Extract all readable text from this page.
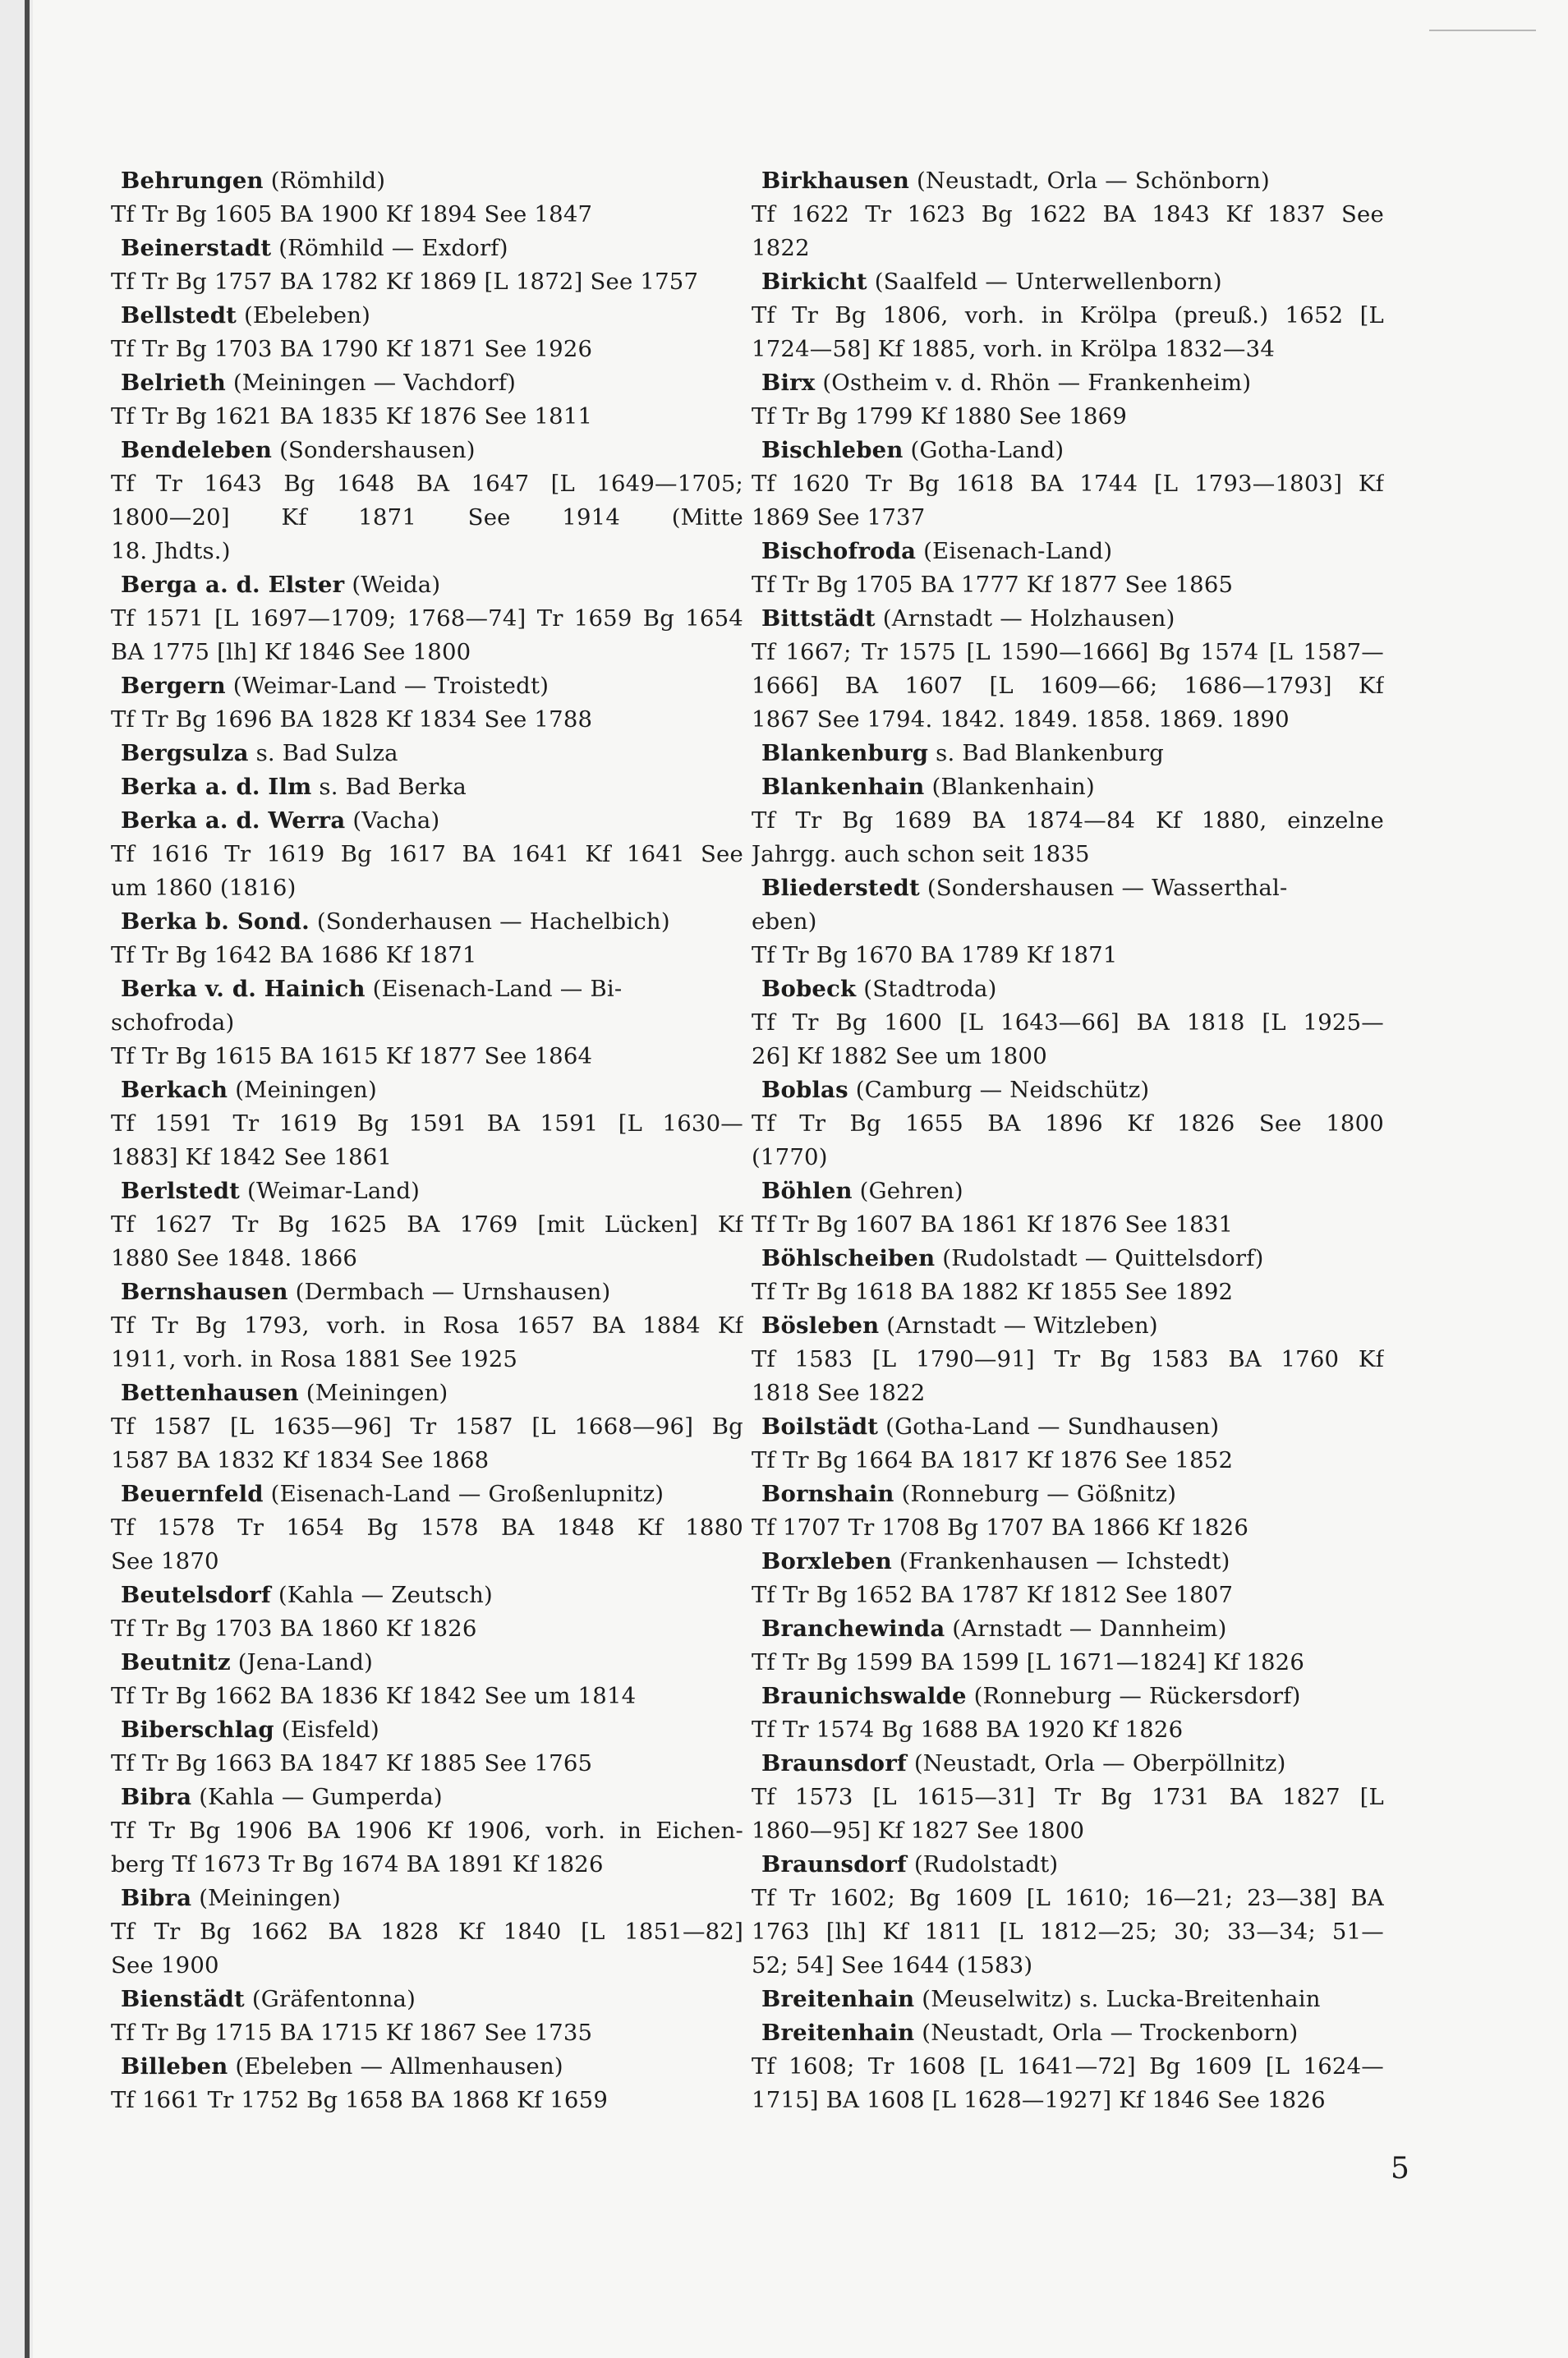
Behrungen (Römhild)
Tf Tr Bg 1605 BA 1900 Kf 1894 See 1847
Beinerstadt (Römhild — Exdorf)
Tf Tr Bg 1757 BA 1782 Kf 1869 [L 1872] See 1757
Bellstedt (Ebeleben)
Tf Tr Bg 1703 BA 1790 Kf 1871 See 1926
Belrieth (Meiningen — Vachdorf)
Tf Tr Bg 1621 BA 1835 Kf 1876 See 1811
Bendeleben (Sondershausen)
Tf Tr 1643 Bg 1648 BA 1647 [L 1649—1705;
1800—20] Kf 1871 See 1914 (Mitte
18. Jhdts.)
Berga a. d. Elster (Weida)
Tf 1571 [L 1697—1709; 1768—74] Tr 1659 Bg 1654
BA 1775 [lh] Kf 1846 See 1800
Bergern (Weimar-Land — Troistedt)
Tf Tr Bg 1696 BA 1828 Kf 1834 See 1788
Bergsulza s. Bad Sulza
Berka a. d. Ilm s. Bad Berka
Berka a. d. Werra (Vacha)
Tf 1616 Tr 1619 Bg 1617 BA 1641 Kf 1641 See
um 1860 (1816)
Berka b. Sond. (Sonderhausen — Hachelbich)
Tf Tr Bg 1642 BA 1686 Kf 1871
Berka v. d. Hainich (Eisenach-Land — Bi-
schofroda)
Tf Tr Bg 1615 BA 1615 Kf 1877 See 1864
Berkach (Meiningen)
Tf 1591 Tr 1619 Bg 1591 BA 1591 [L 1630—
1883] Kf 1842 See 1861
Berlstedt (Weimar-Land)
Tf 1627 Tr Bg 1625 BA 1769 [mit Lücken] Kf
1880 See 1848. 1866
Bernshausen (Dermbach — Urnshausen)
Tf Tr Bg 1793, vorh. in Rosa 1657 BA 1884 Kf
1911, vorh. in Rosa 1881 See 1925
Bettenhausen (Meiningen)
Tf 1587 [L 1635—96] Tr 1587 [L 1668—96] Bg
1587 BA 1832 Kf 1834 See 1868
Beuernfeld (Eisenach-Land — Großenlupnitz)
Tf 1578 Tr 1654 Bg 1578 BA 1848 Kf 1880
See 1870
Beutelsdorf (Kahla — Zeutsch)
Tf Tr Bg 1703 BA 1860 Kf 1826
Beutnitz (Jena-Land)
Tf Tr Bg 1662 BA 1836 Kf 1842 See um 1814
Biberschlag (Eisfeld)
Tf Tr Bg 1663 BA 1847 Kf 1885 See 1765
Bibra (Kahla — Gumperda)
Tf Tr Bg 1906 BA 1906 Kf 1906, vorh. in Eichen-
berg Tf 1673 Tr Bg 1674 BA 1891 Kf 1826
Bibra (Meiningen)
Tf Tr Bg 1662 BA 1828 Kf 1840 [L 1851—82]
See 1900
Bienstädt (Gräfentonna)
Tf Tr Bg 1715 BA 1715 Kf 1867 See 1735
Billeben (Ebeleben — Allmenhausen)
Tf 1661 Tr 1752 Bg 1658 BA 1868 Kf 1659
Birkhausen (Neustadt, Orla — Schönborn)
Tf 1622 Tr 1623 Bg 1622 BA 1843 Kf 1837 See
1822
Birkicht (Saalfeld — Unterwellenborn)
Tf Tr Bg 1806, vorh. in Krölpa (preuß.) 1652 [L
1724—58] Kf 1885, vorh. in Krölpa 1832—34
Birx (Ostheim v. d. Rhön — Frankenheim)
Tf Tr Bg 1799 Kf 1880 See 1869
Bischleben (Gotha-Land)
Tf 1620 Tr Bg 1618 BA 1744 [L 1793—1803] Kf
1869 See 1737
Bischofroda (Eisenach-Land)
Tf Tr Bg 1705 BA 1777 Kf 1877 See 1865
Bittstädt (Arnstadt — Holzhausen)
Tf 1667; Tr 1575 [L 1590—1666] Bg 1574 [L 1587—
1666] BA 1607 [L 1609—66; 1686—1793] Kf
1867 See 1794. 1842. 1849. 1858. 1869. 1890
Blankenburg s. Bad Blankenburg
Blankenhain (Blankenhain)
Tf Tr Bg 1689 BA 1874—84 Kf 1880, einzelne
Jahrgg. auch schon seit 1835
Bliederstedt (Sondershausen — Wasserthal-
eben)
Tf Tr Bg 1670 BA 1789 Kf 1871
Bobeck (Stadtroda)
Tf Tr Bg 1600 [L 1643—66] BA 1818 [L 1925—
26] Kf 1882 See um 1800
Boblas (Camburg — Neidschütz)
Tf Tr Bg 1655 BA 1896 Kf 1826 See 1800
(1770)
Böhlen (Gehren)
Tf Tr Bg 1607 BA 1861 Kf 1876 See 1831
Böhlscheiben (Rudolstadt — Quittelsdorf)
Tf Tr Bg 1618 BA 1882 Kf 1855 See 1892
Bösleben (Arnstadt — Witzleben)
Tf 1583 [L 1790—91] Tr Bg 1583 BA 1760 Kf
1818 See 1822
Boilstädt (Gotha-Land — Sundhausen)
Tf Tr Bg 1664 BA 1817 Kf 1876 See 1852
Bornshain (Ronneburg — Gößnitz)
Tf 1707 Tr 1708 Bg 1707 BA 1866 Kf 1826
Borxleben (Frankenhausen — Ichstedt)
Tf Tr Bg 1652 BA 1787 Kf 1812 See 1807
Branchewinda (Arnstadt — Dannheim)
Tf Tr Bg 1599 BA 1599 [L 1671—1824] Kf 1826
Braunichswalde (Ronneburg — Rückersdorf)
Tf Tr 1574 Bg 1688 BA 1920 Kf 1826
Braunsdorf (Neustadt, Orla — Oberpöllnitz)
Tf 1573 [L 1615—31] Tr Bg 1731 BA 1827 [L
1860—95] Kf 1827 See 1800
Braunsdorf (Rudolstadt)
Tf Tr 1602; Bg 1609 [L 1610; 16—21; 23—38] BA
1763 [lh] Kf 1811 [L 1812—25; 30; 33—34; 51—
52; 54] See 1644 (1583)
Breitenhain (Meuselwitz) s. Lucka-Breitenhain
Breitenhain (Neustadt, Orla — Trockenborn)
Tf 1608; Tr 1608 [L 1641—72] Bg 1609 [L 1624—
1715] BA 1608 [L 1628—1927] Kf 1846 See 1826
5
